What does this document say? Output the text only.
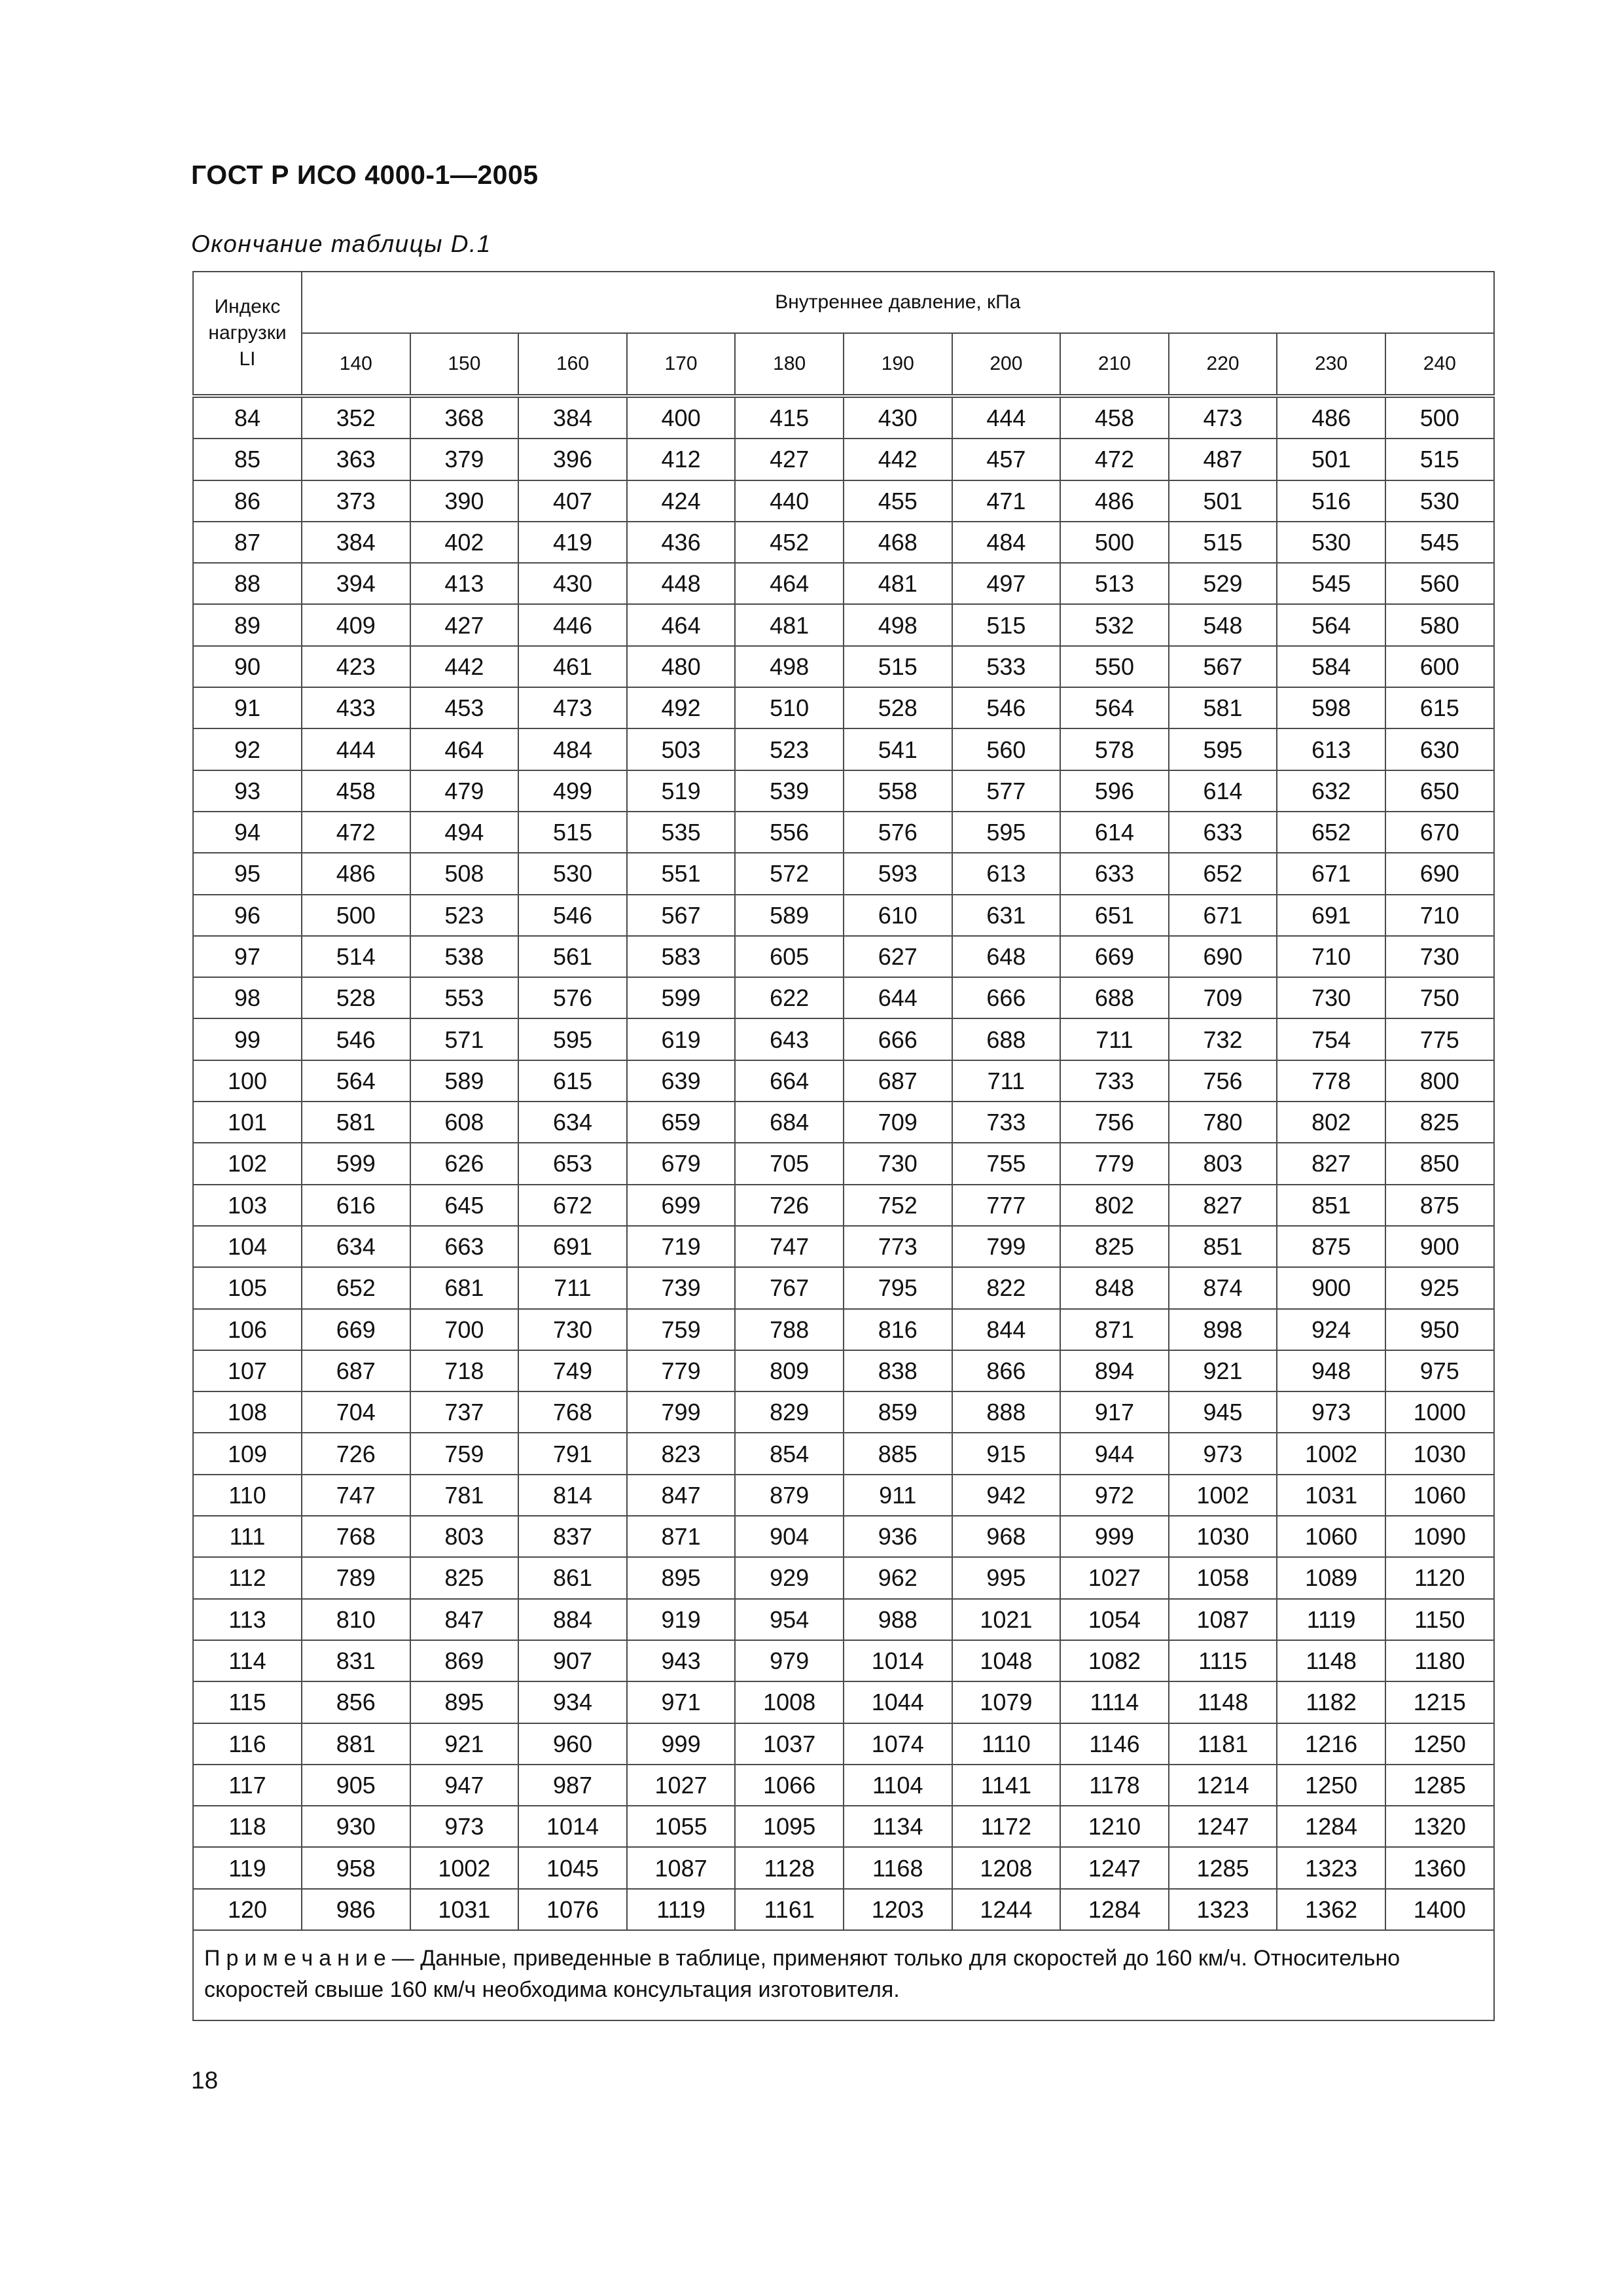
ГОСТ Р ИСО 4000-1—2005
Окончание таблицы D.1
Индекс
нагрузки
LI	Внутреннее давление, кПа										
	140	150	160	170	180	190	200	210	220	230	240
84	352	368	384	400	415	430	444	458	473	486	500
85	363	379	396	412	427	442	457	472	487	501	515
86	373	390	407	424	440	455	471	486	501	516	530
87	384	402	419	436	452	468	484	500	515	530	545
88	394	413	430	448	464	481	497	513	529	545	560
89	409	427	446	464	481	498	515	532	548	564	580
90	423	442	461	480	498	515	533	550	567	584	600
91	433	453	473	492	510	528	546	564	581	598	615
92	444	464	484	503	523	541	560	578	595	613	630
93	458	479	499	519	539	558	577	596	614	632	650
94	472	494	515	535	556	576	595	614	633	652	670
95	486	508	530	551	572	593	613	633	652	671	690
96	500	523	546	567	589	610	631	651	671	691	710
97	514	538	561	583	605	627	648	669	690	710	730
98	528	553	576	599	622	644	666	688	709	730	750
99	546	571	595	619	643	666	688	711	732	754	775
100	564	589	615	639	664	687	711	733	756	778	800
101	581	608	634	659	684	709	733	756	780	802	825
102	599	626	653	679	705	730	755	779	803	827	850
103	616	645	672	699	726	752	777	802	827	851	875
104	634	663	691	719	747	773	799	825	851	875	900
105	652	681	711	739	767	795	822	848	874	900	925
106	669	700	730	759	788	816	844	871	898	924	950
107	687	718	749	779	809	838	866	894	921	948	975
108	704	737	768	799	829	859	888	917	945	973	1000
109	726	759	791	823	854	885	915	944	973	1002	1030
110	747	781	814	847	879	911	942	972	1002	1031	1060
111	768	803	837	871	904	936	968	999	1030	1060	1090
112	789	825	861	895	929	962	995	1027	1058	1089	1120
113	810	847	884	919	954	988	1021	1054	1087	1119	1150
114	831	869	907	943	979	1014	1048	1082	1115	1148	1180
115	856	895	934	971	1008	1044	1079	1114	1148	1182	1215
116	881	921	960	999	1037	1074	1110	1146	1181	1216	1250
117	905	947	987	1027	1066	1104	1141	1178	1214	1250	1285
118	930	973	1014	1055	1095	1134	1172	1210	1247	1284	1320
119	958	1002	1045	1087	1128	1168	1208	1247	1285	1323	1360
120	986	1031	1076	1119	1161	1203	1244	1284	1323	1362	1400
Примечание— Данные, приведенные в таблице, применяют только для скоростей до 160 км/ч. Относительно скоростей свыше 160 км/ч необходима консультация изготовителя.											
18
